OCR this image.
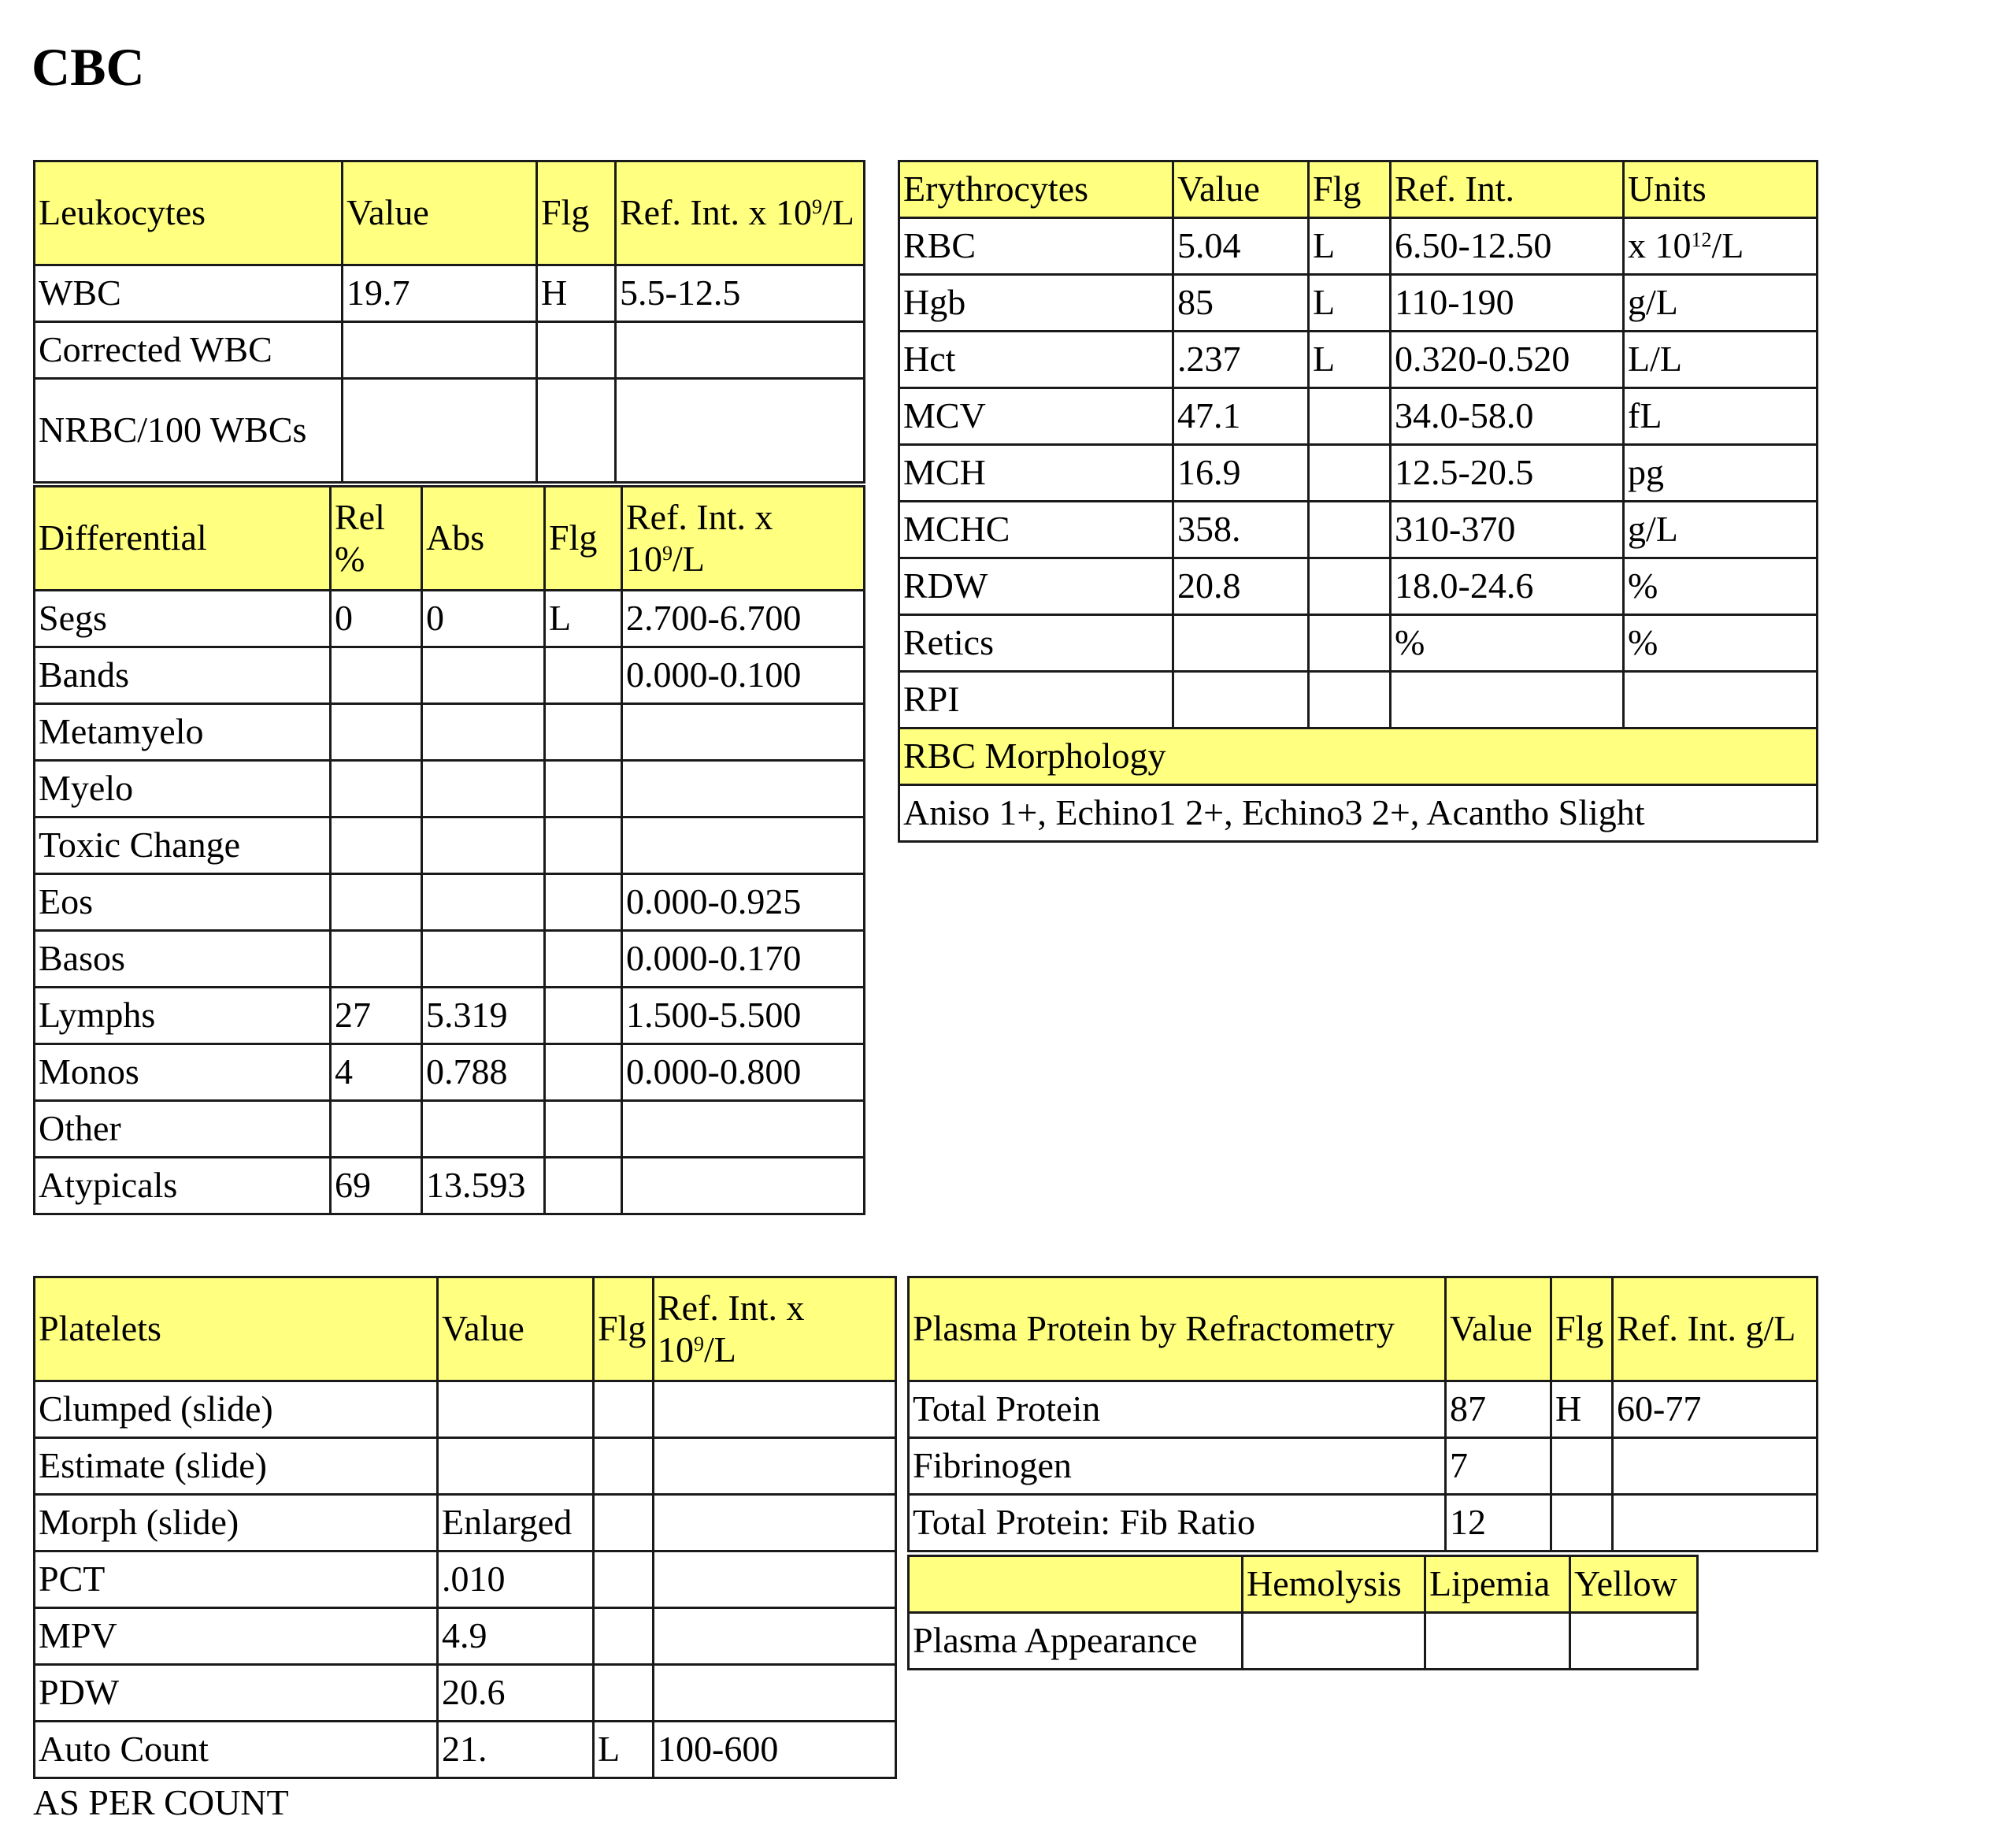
CBC
Leukocytes	Value	Flg	Ref. Int. x $10^9/L$
WBC	19.7	H	5.5-12.5
Corrected WBC			
NRBC/100 WBCs			
Differential	Rel %	Abs	Flg	Ref. Int. x $10^9/L$
Segs	0	0	L	2.700-6.700
Bands				0.000-0.100
Metamyelo				
Myelo				
Toxic Change				
Eos				0.000-0.925
Basos				0.000-0.170
Lymphs	27	5.319		1.500-5.500
Monos	4	0.788		0.000-0.800
Other				
Atypicals	69	13.593		
Erythrocytes	Value	Flg	Ref. Int.	Units
RBC	5.04	L	6.50-12.50	x $10^{12}/L$
Hgb	85	L	110-190	g/L
Hct	.237	L	0.320-0.520	L/L
MCV	47.1		34.0-58.0	fL
MCH	16.9		12.5-20.5	pg
MCHC	358.		310-370	g/L
RDW	20.8		18.0-24.6	%
Retics			%	%
RPI				
RBC Morphology				
Aniso 1+, Echino1 2+, Echino3 2+, Acantho Slight				
Platelets	Value	Flg	Ref. Int. x $10^9/L$
Clumped (slide)			
Estimate (slide)			
Morph (slide)	Enlarged		
PCT	.010		
MPV	4.9		
PDW	20.6		
Auto Count	21.	L	100-600
AS PER COUNT
Plasma Protein by Refractometry	Value	Flg	Ref. Int. g/L
Total Protein	87	H	60-77
Fibrinogen	7		
Total Protein: Fib Ratio	12		
	Hemolysis	Lipemia	Yellow
Plasma Appearance			
